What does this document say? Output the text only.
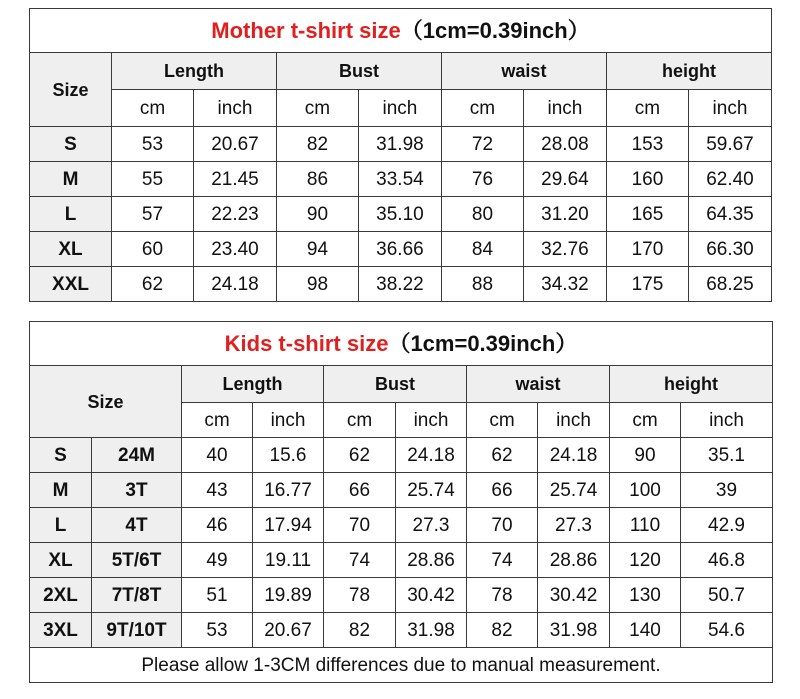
Mother t-shirt size（1cm=0.39inch）								
Size	Length		Bust		waist		height	
	cm	inch	cm	inch	cm	inch	cm	inch
S	53	20.67	82	31.98	72	28.08	153	59.67
M	55	21.45	86	33.54	76	29.64	160	62.40
L	57	22.23	90	35.10	80	31.20	165	64.35
XL	60	23.40	94	36.66	84	32.76	170	66.30
XXL	62	24.18	98	38.22	88	34.32	175	68.25
Kids t-shirt size（1cm=0.39inch）									
Size		Length		Bust		waist		height	
		cm	inch	cm	inch	cm	inch	cm	inch
S	24M	40	15.6	62	24.18	62	24.18	90	35.1
M	3T	43	16.77	66	25.74	66	25.74	100	39
L	4T	46	17.94	70	27.3	70	27.3	110	42.9
XL	5T/6T	49	19.11	74	28.86	74	28.86	120	46.8
2XL	7T/8T	51	19.89	78	30.42	78	30.42	130	50.7
3XL	9T/10T	53	20.67	82	31.98	82	31.98	140	54.6
Please allow 1-3CM differences due to manual measurement.									
